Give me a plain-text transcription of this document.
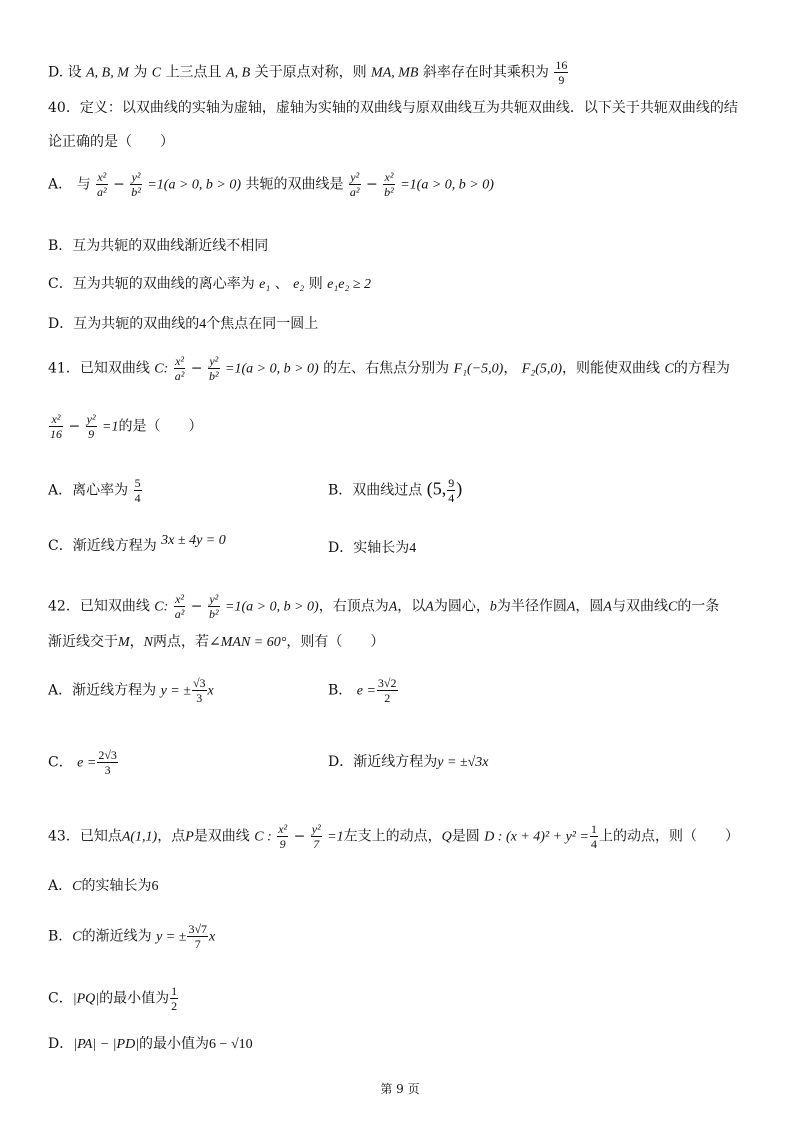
D. 设 A, B, M 为 C 上三点且 A, B 关于原点对称，则 MA, MB 斜率存在时其乘积为 $\frac{16}{9}$
40．定义：以双曲线的实轴为虚轴，虚轴为实轴的双曲线与原双曲线互为共轭双曲线．以下关于共轭双曲线的结
论正确的是（　　）
A． 与 $\frac{\text{x²}}{\text{a²}} - \frac{\text{y²}}{\text{b²}} =1(a > 0$, b > 0) 共轭的双曲线是 $\frac{\text{y²}}{\text{a²}} - \frac{\text{x²}}{\text{b²}} =1(a > 0$, b > 0)
B．互为共轭的双曲线渐近线不相同
C．互为共轭的双曲线的离心率为 e₁ 、 e₂ 则 e₁e₂ ≥ 2
D．互为共轭的双曲线的4个焦点在同一圆上
41．已知双曲线 C: $\frac{\text{x²}}{\text{a²}} - \frac{\text{y²}}{\text{b²}} =1(a > 0$, b > 0) 的左、右焦点分别为 F₁(−5,0)， F₂(5,0)，则能使双曲线 C的方程为
$\frac{\text{x²}}{16} - \frac{\text{y²}}{9} =1$的是（　　）
A．离心率为 $\frac{5}{4}$	B．双曲线过点 (5, $\frac{9}{4}$ )
C．渐近线方程为 3x ± 4y = 0	D．实轴长为4
42．已知双曲线 C: $\frac{\text{x²}}{\text{a²}} - \frac{\text{y²}}{\text{b²}} =1(a > 0$, b > 0)，右顶点为A，以A为圆心，b为半径作圆A，圆A与双曲线C的一条
渐近线交于M，N两点，若∠MAN = 60°，则有（　　）
A．渐近线方程为 y = ± $\frac{√3}{3}$ x	B． $e = \frac{3√2}{2}$
C． $e = \frac{2√3}{3}$	D．渐近线方程为y = ±√3x
43．已知点A(1,1)，点P是双曲线 C : $\frac{\text{x²}}{9} - \frac{\text{y²}}{7} =1$左支上的动点，Q是圆 D : $(x + 4)^2 + y^2 = \frac{1}{4}$ 上的动点，则（　　）
A．C的实轴长为6
B．C的渐近线为 y = ± $\frac{3√7}{7}$ x
C．|PQ|的最小值为 $\frac{1}{2}$
D．|PA| − |PD|的最小值为6 − √10
第 9 页
